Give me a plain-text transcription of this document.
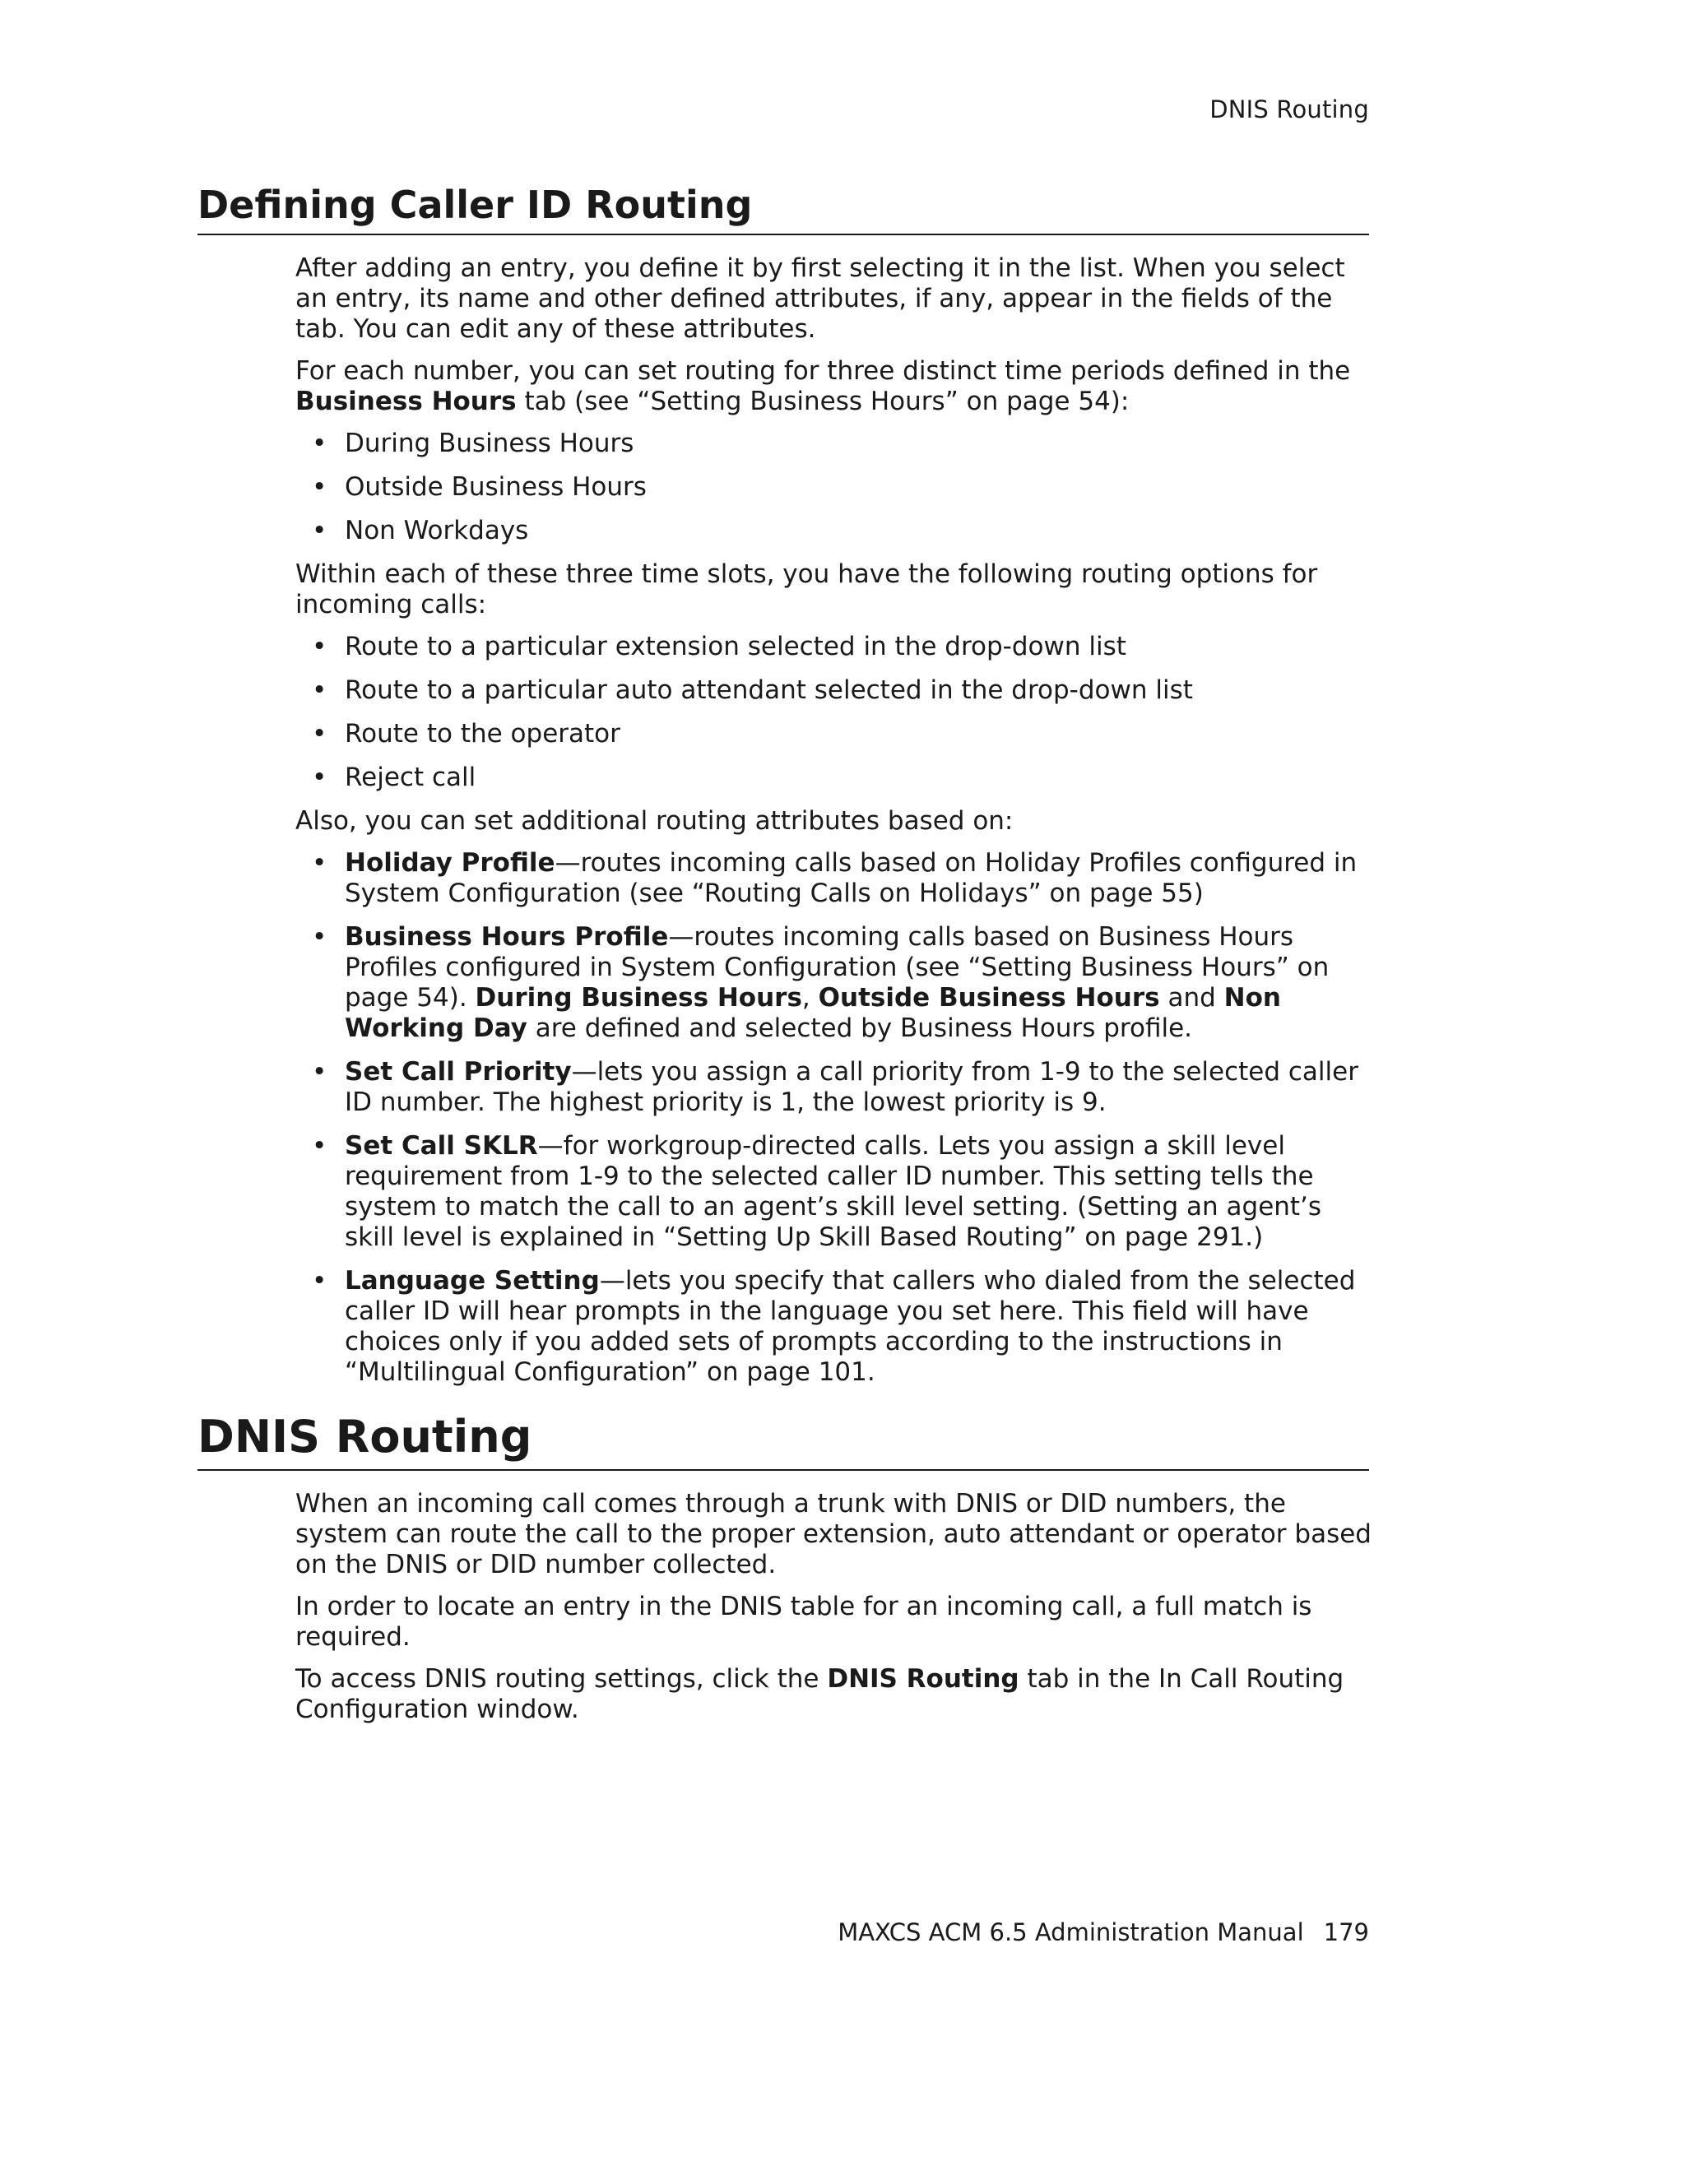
DNIS Routing
Defining Caller ID Routing

After adding an entry, you define it by first selecting it in the list. When you select an entry, its name and other defined attributes, if any, appear in the fields of the tab. You can edit any of these attributes.

For each number, you can set routing for three distinct time periods defined in the Business Hours tab (see “Setting Business Hours” on page 54):

• During Business Hours
• Outside Business Hours
• Non Workdays

Within each of these three time slots, you have the following routing options for incoming calls:

• Route to a particular extension selected in the drop-down list
• Route to a particular auto attendant selected in the drop-down list
• Route to the operator
• Reject call

Also, you can set additional routing attributes based on:

• Holiday Profile—routes incoming calls based on Holiday Profiles configured in System Configuration (see “Routing Calls on Holidays” on page 55)
• Business Hours Profile—routes incoming calls based on Business Hours Profiles configured in System Configuration (see “Setting Business Hours” on page 54). During Business Hours, Outside Business Hours and Non Working Day are defined and selected by Business Hours profile.
• Set Call Priority—lets you assign a call priority from 1-9 to the selected caller ID number. The highest priority is 1, the lowest priority is 9.
• Set Call SKLR—for workgroup-directed calls. Lets you assign a skill level requirement from 1-9 to the selected caller ID number. This setting tells the system to match the call to an agent’s skill level setting. (Setting an agent’s skill level is explained in “Setting Up Skill Based Routing” on page 291.)
• Language Setting—lets you specify that callers who dialed from the selected caller ID will hear prompts in the language you set here. This field will have choices only if you added sets of prompts according to the instructions in “Multilingual Configuration” on page 101.
DNIS Routing

When an incoming call comes through a trunk with DNIS or DID numbers, the system can route the call to the proper extension, auto attendant or operator based on the DNIS or DID number collected.

In order to locate an entry in the DNIS table for an incoming call, a full match is required.

To access DNIS routing settings, click the DNIS Routing tab in the In Call Routing Configuration window.

MAXCS ACM 6.5 Administration Manual 179
